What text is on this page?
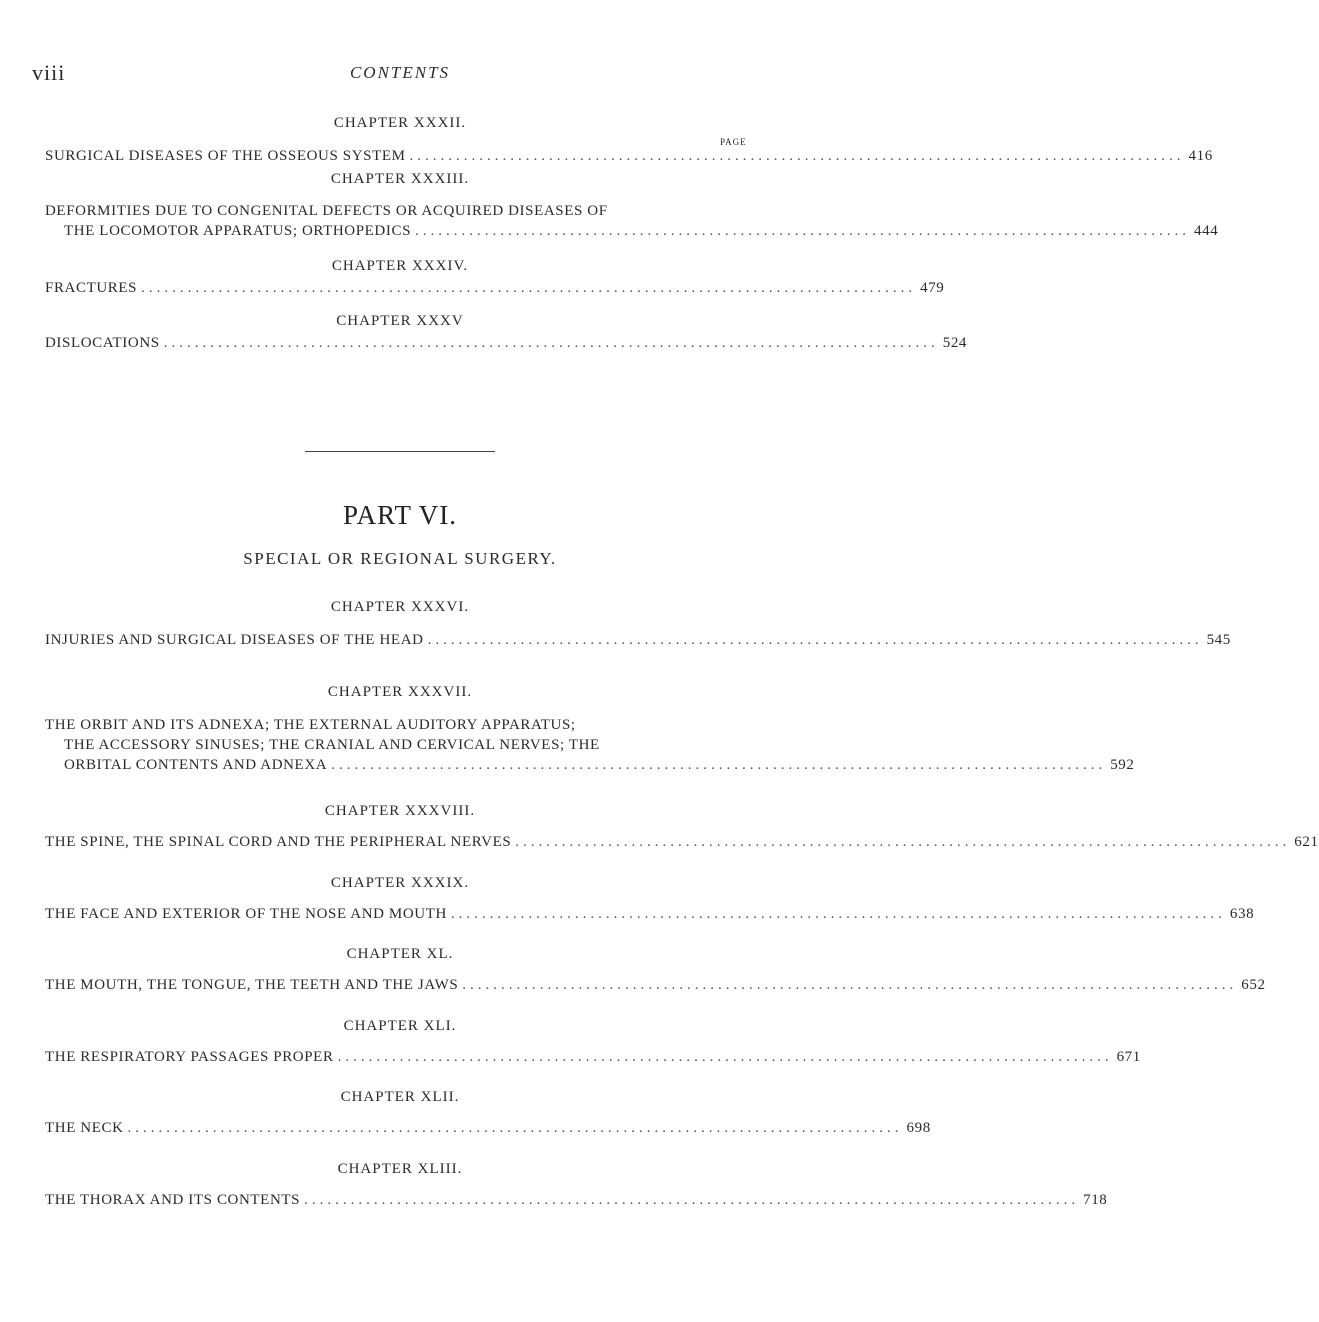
viii	CONTENTS
PAGE
CHAPTER XXXII.
SURGICAL DISEASES OF THE OSSEOUS SYSTEM .................................................................................................... 416
CHAPTER XXXIII.
DEFORMITIES DUE TO CONGENITAL DEFECTS OR ACQUIRED DISEASES OF
THE LOCOMOTOR APPARATUS; ORTHOPEDICS .................................................................................................... 444
CHAPTER XXXIV.
FRACTURES .................................................................................................... 479
CHAPTER XXXV
DISLOCATIONS .................................................................................................... 524
PART VI.
SPECIAL OR REGIONAL SURGERY.
CHAPTER XXXVI.
INJURIES AND SURGICAL DISEASES OF THE HEAD .................................................................................................... 545
CHAPTER XXXVII.
THE ORBIT AND ITS ADNEXA; THE EXTERNAL AUDITORY APPARATUS;
THE ACCESSORY SINUSES; THE CRANIAL AND CERVICAL NERVES; THE
ORBITAL CONTENTS AND ADNEXA .................................................................................................... 592
CHAPTER XXXVIII.
THE SPINE, THE SPINAL CORD AND THE PERIPHERAL NERVES .................................................................................................... 621
CHAPTER XXXIX.
THE FACE AND EXTERIOR OF THE NOSE AND MOUTH .................................................................................................... 638
CHAPTER XL.
THE MOUTH, THE TONGUE, THE TEETH AND THE JAWS .................................................................................................... 652
CHAPTER XLI.
THE RESPIRATORY PASSAGES PROPER .................................................................................................... 671
CHAPTER XLII.
THE NECK .................................................................................................... 698
CHAPTER XLIII.
THE THORAX AND ITS CONTENTS .................................................................................................... 718
